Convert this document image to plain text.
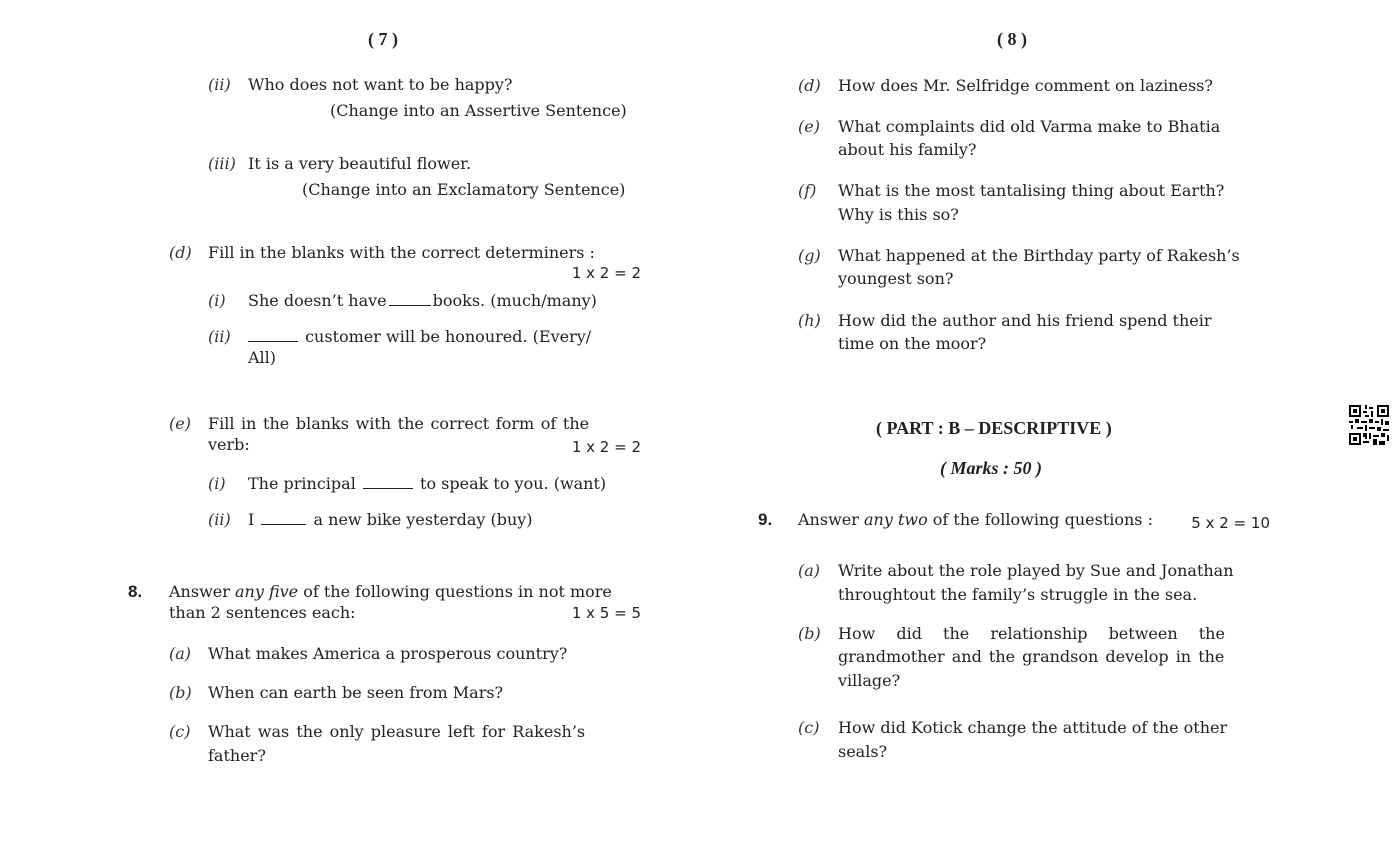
( 7 )
(ii) Who does not want to be happy?
(Change into an Assertive Sentence)
(iii) It is a very beautiful flower.
(Change into an Exclamatory Sentence)
(d) Fill in the blanks with the correct determiners :
1 x 2 = 2
(i) She doesn’t have	books. (much/many)
(ii)	customer will be honoured. (Every/
All)
(e) Fill in the blanks with the correct form of the
verb:	1 x 2 = 2
(i) The principal	to speak to you. (want)
(ii) I	a new bike yesterday (buy)
8. Answer any five of the following questions in not more
than 2 sentences each:	1 x 5 = 5
(a) What makes America a prosperous country?
(b) When can earth be seen from Mars?
(c) What was the only pleasure left for Rakesh’s
father?
( 8 )
(d) How does Mr. Selfridge comment on laziness?
(e) What complaints did old Varma make to Bhatia
about his family?
(f) What is the most tantalising thing about Earth?
Why is this so?
(g) What happened at the Birthday party of Rakesh’s
youngest son?
(h) How did the author and his friend spend their
time on the moor?
( PART : B – DESCRIPTIVE )
( Marks : 50 )
9. Answer any two of the following questions :	5 x 2 = 10
(a) Write about the role played by Sue and Jonathan
throughtout the family’s struggle in the sea.
(b) How did the relationship between the
grandmother and the grandson develop in the
village?
(c) How did Kotick change the attitude of the other
seals?
